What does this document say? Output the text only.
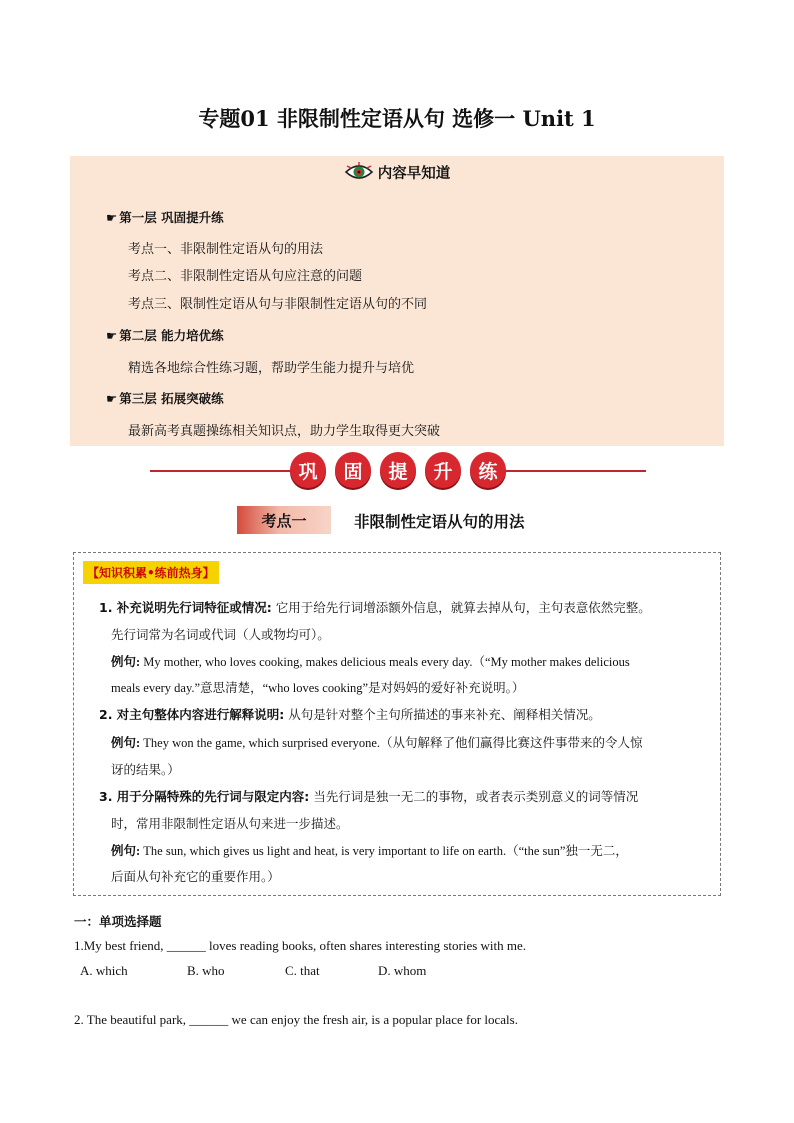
专题01 非限制性定语从句 选修一 Unit 1
内容早知道
☛ 第一层 巩固提升练
考点一、非限制性定语从句的用法
考点二、非限制性定语从句应注意的问题
考点三、限制性定语从句与非限制性定语从句的不同
☛ 第二层 能力培优练
精选各地综合性练习题，帮助学生能力提升与培优
☛ 第三层 拓展突破练
最新高考真题操练相关知识点，助力学生取得更大突破
巩	固	提	升	练
考点一	非限制性定语从句的用法
【知识积累•练前热身】
1. 补充说明先行词特征或情况: 它用于给先行词增添额外信息，就算去掉从句，主句表意依然完整。
先行词常为名词或代词（人或物均可）。
例句: My mother, who loves cooking, makes delicious meals every day.（“My mother makes delicious
meals every day.”意思清楚，“who loves cooking”是对妈妈的爱好补充说明。）
2. 对主句整体内容进行解释说明: 从句是针对整个主句所描述的事来补充、阐释相关情况。
例句: They won the game, which surprised everyone.（从句解释了他们赢得比赛这件事带来的令人惊
讶的结果。）
3. 用于分隔特殊的先行词与限定内容: 当先行词是独一无二的事物，或者表示类别意义的词等情况
时，常用非限制性定语从句来进一步描述。
例句: The sun, which gives us light and heat, is very important to life on earth.（“the sun”独一无二，
后面从句补充它的重要作用。）
一：单项选择题
1.My best friend, ______ loves reading books, often shares interesting stories with me.
A. which	B. who	C. that	D. whom
2. The beautiful park, ______ we can enjoy the fresh air, is a popular place for locals.
